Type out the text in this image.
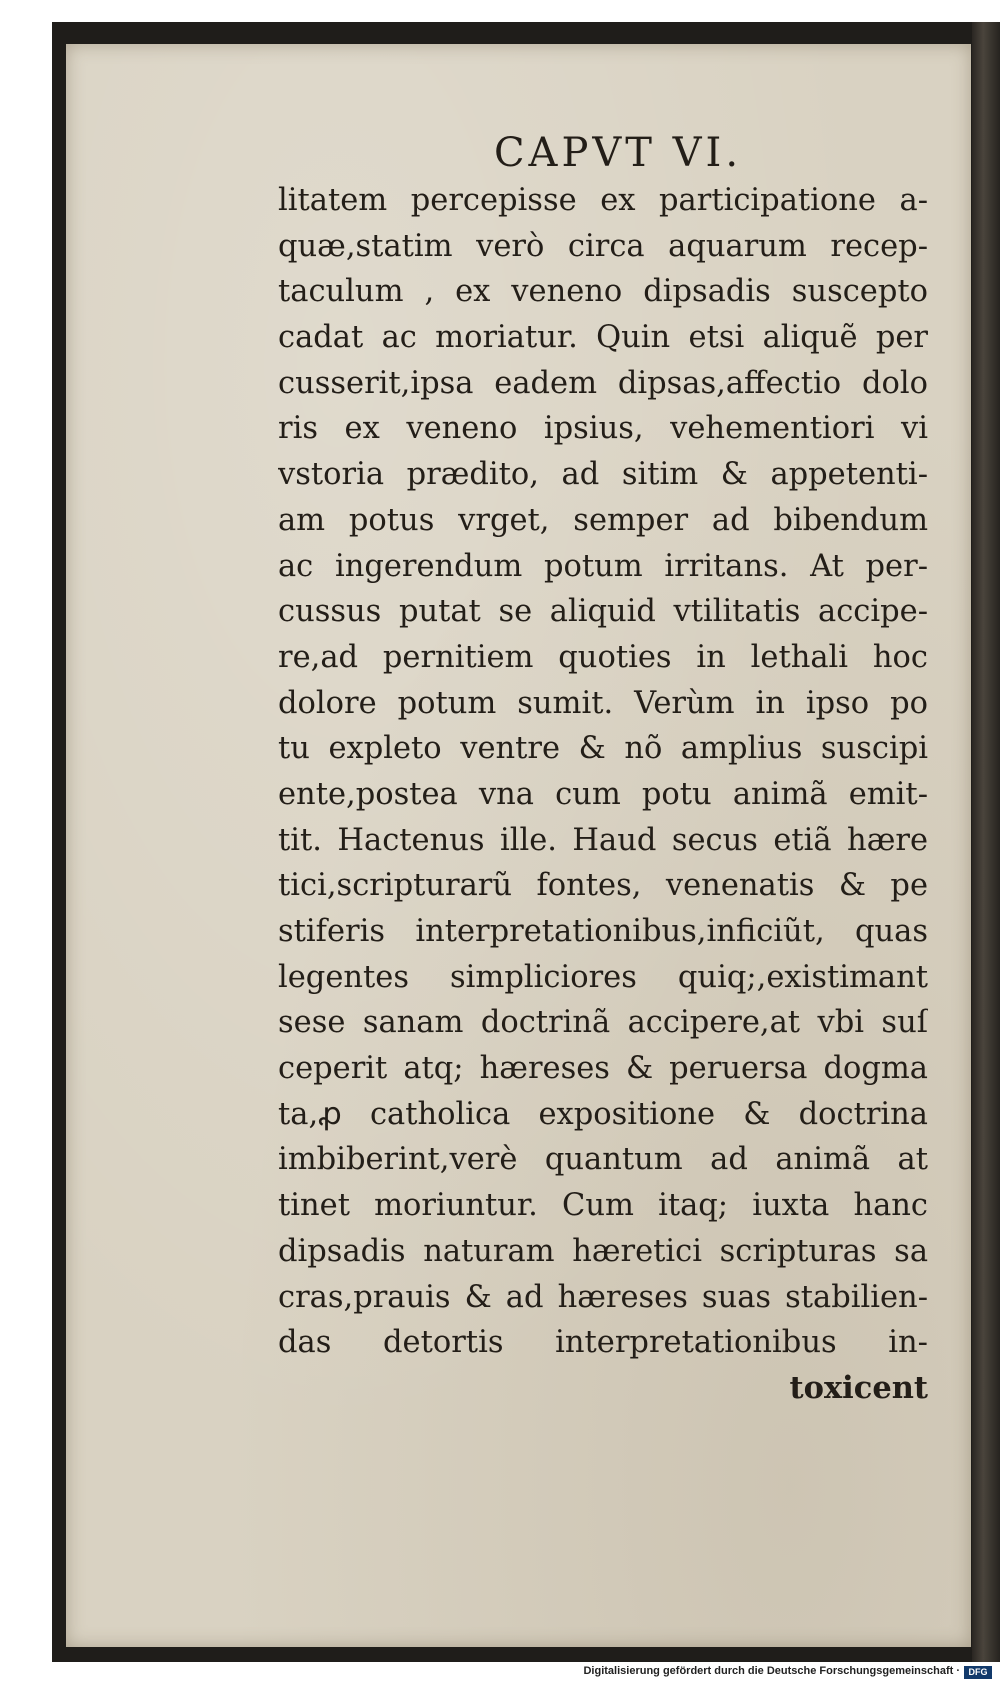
CAPVT VI.
litatem percepisse ex participatione a-
quæ,statim verò circa aquarum recep-
taculum , ex veneno dipsadis susceptо
cadat ac moriatur. Quin etsi aliquẽ per
cusserit,ipsa eadem dipsas,affectio dolo
ris ex veneno ipsius, vehementiori vi
vstoria prædito, ad sitim & appetenti-
am potus vrget, semper ad bibendum
ac ingerendum potum irritans. At per-
cussus putat se aliquid vtilitatis accipe-
re,ad pernitiem quoties in lethali hoc
dolore potum sumit. Verùm in ipso po
tu expleto ventre & nõ amplius suscipi
ente,postea vna cum potu animã emit-
tit. Hactenus ille. Haud secus etiã hære
tici,scripturarũ fontes, venenatis & pe
stiferis interpretationibus,inficiũt, quas
legentes simpliciores quiq;,existimant
sese sanam doctrinã accipere,at vbi suſ
ceperit atq; hæreses & peruersa dogma
ta,ꝓ catholica expositione & doctrina
imbiberint,verè quantum ad animã at
tinet moriuntur. Cum itaq; iuxta hanc
dipsadis naturam hæretici scripturas sa
cras,prauis & ad hæreses suas stabilien-
das detortis interpretationibus in-
toxicent
Digitalisierung gefördert durch die Deutsche Forschungsgemeinschaft · DFG
